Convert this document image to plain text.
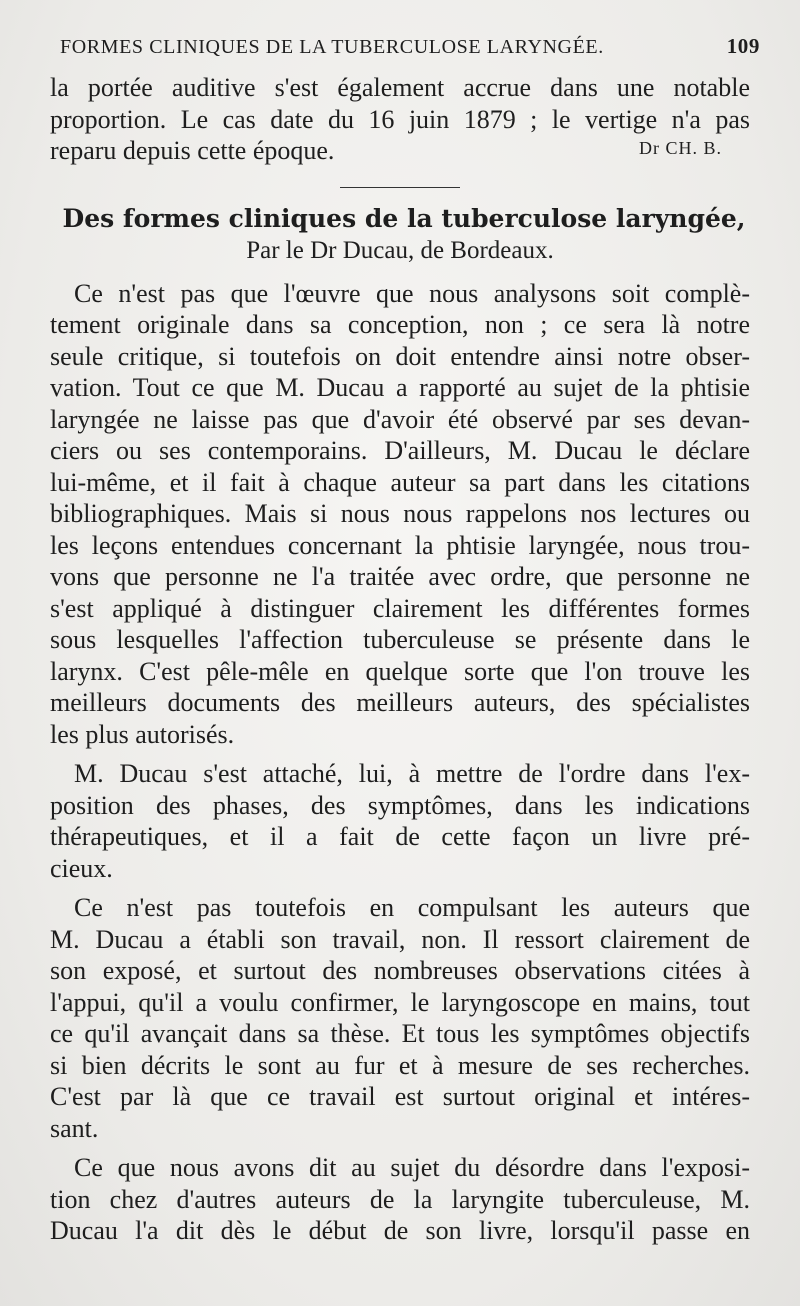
FORMES CLINIQUES DE LA TUBERCULOSE LARYNGÉE.	109
la portée auditive s'est également accrue dans une notable
proportion. Le cas date du 16 juin 1879 ; le vertige n'a pas
reparu depuis cette époque.	Dr CH. B.
Des formes cliniques de la tuberculose laryngée,
Par le Dr Ducau, de Bordeaux.
Ce n'est pas que l'œuvre que nous analysons soit complè-
tement originale dans sa conception, non ; ce sera là notre
seule critique, si toutefois on doit entendre ainsi notre obser-
vation. Tout ce que M. Ducau a rapporté au sujet de la phtisie
laryngée ne laisse pas que d'avoir été observé par ses devan-
ciers ou ses contemporains. D'ailleurs, M. Ducau le déclare
lui-même, et il fait à chaque auteur sa part dans les citations
bibliographiques. Mais si nous nous rappelons nos lectures ou
les leçons entendues concernant la phtisie laryngée, nous trou-
vons que personne ne l'a traitée avec ordre, que personne ne
s'est appliqué à distinguer clairement les différentes formes
sous lesquelles l'affection tuberculeuse se présente dans le
larynx. C'est pêle-mêle en quelque sorte que l'on trouve les
meilleurs documents des meilleurs auteurs, des spécialistes
les plus autorisés.
M. Ducau s'est attaché, lui, à mettre de l'ordre dans l'ex-
position des phases, des symptômes, dans les indications
thérapeutiques, et il a fait de cette façon un livre pré-
cieux.
Ce n'est pas toutefois en compulsant les auteurs que
M. Ducau a établi son travail, non. Il ressort clairement de
son exposé, et surtout des nombreuses observations citées à
l'appui, qu'il a voulu confirmer, le laryngoscope en mains, tout
ce qu'il avançait dans sa thèse. Et tous les symptômes objectifs
si bien décrits le sont au fur et à mesure de ses recherches.
C'est par là que ce travail est surtout original et intéres-
sant.
Ce que nous avons dit au sujet du désordre dans l'exposi-
tion chez d'autres auteurs de la laryngite tuberculeuse, M.
Ducau l'a dit dès le début de son livre, lorsqu'il passe en
